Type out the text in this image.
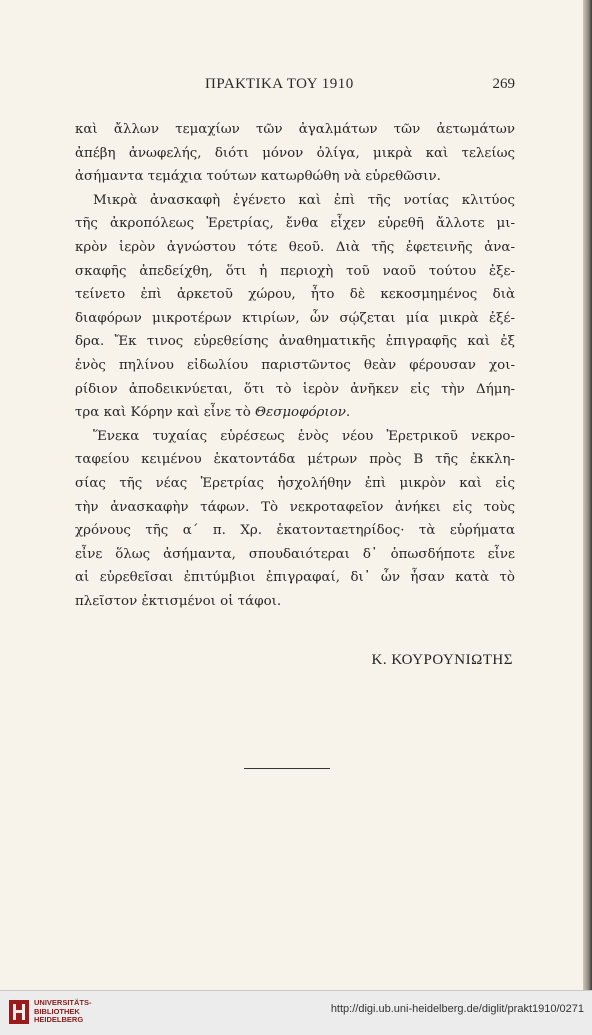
ΠΡΑΚΤΙΚΑ ΤΟΥ 1910	269

καὶ ἄλλων τεμαχίων τῶν ἀγαλμάτων τῶν ἀετωμάτων
ἀπέβη ἀνωφελής, διότι μόνον ὀλίγα, μικρὰ καὶ τελείως
ἀσήμαντα τεμάχια τούτων κατωρθώθη νὰ εὑρεθῶσιν.

Μικρὰ ἀνασκαφὴ ἐγένετο καὶ ἐπὶ τῆς νοτίας κλιτύος
τῆς ἀκροπόλεως Ἐρετρίας, ἔνθα εἶχεν εὑρεθῆ ἄλλοτε μι-
κρὸν ἱερὸν ἀγνώστου τότε θεοῦ. Διὰ τῆς ἐφετεινῆς ἀνα-
σκαφῆς ἀπεδείχθη, ὅτι ἡ περιοχὴ τοῦ ναοῦ τούτου ἐξε-
τείνετο ἐπὶ ἀρκετοῦ χώρου, ἦτο δὲ κεκοσμημένος διὰ
διαφόρων μικροτέρων κτιρίων, ὧν σῴζεται μία μικρὰ ἐξέ-
δρα. Ἔκ τινος εὑρεθείσης ἀναθηματικῆς ἐπιγραφῆς καὶ ἐξ
ἑνὸς πηλίνου εἰδωλίου παριστῶντος θεὰν φέρουσαν χοι-
ρίδιον ἀποδεικνύεται, ὅτι τὸ ἱερὸν ἀνῆκεν εἰς τὴν Δήμη-
τρα καὶ Κόρην καὶ εἶνε τὸ Θεσμοφόριον.

Ἕνεκα τυχαίας εὑρέσεως ἑνὸς νέου Ἐρετρικοῦ νεκρο-
ταφείου κειμένου ἑκατοντάδα μέτρων πρὸς Β τῆς ἐκκλη-
σίας τῆς νέας Ἐρετρίας ἠσχολήθην ἐπὶ μικρὸν καὶ εἰς
τὴν ἀνασκαφὴν τάφων. Τὸ νεκροταφεῖον ἀνήκει εἰς τοὺς
χρόνους τῆς α΄ π. Χρ. ἑκατονταετηρίδος· τὰ εὑρήματα
εἶνε ὅλως ἀσήμαντα, σπουδαιότεραι δ᾽ ὁπωσδήποτε εἶνε
αἱ εὑρεθεῖσαι ἐπιτύμβιοι ἐπιγραφαί, δι᾽ ὧν ἦσαν κατὰ τὸ
πλεῖστον ἐκτισμένοι οἱ τάφοι.

Κ. ΚΟΥΡΟΥΝΙΩΤΗΣ
UNIVERSITÄTS-
BIBLIOTHEK
HEIDELBERG
http://digi.ub.uni-heidelberg.de/diglit/prakt1910/0271
